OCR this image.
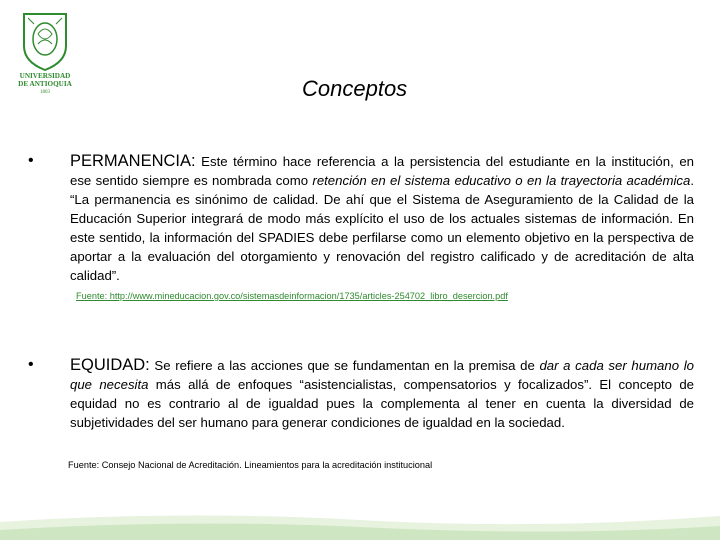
UNIVERSIDAD
DE ANTIOQUIA
1803	Conceptos
• PERMANENCIA: Este término hace referencia a la persistencia del estudiante en la institución, en ese sentido siempre es nombrada como retención en el sistema educativo o en la trayectoria académica. “La permanencia es sinónimo de calidad. De ahí que el Sistema de Aseguramiento de la Calidad de la Educación Superior integrará de modo más explícito el uso de los actuales sistemas de información. En este sentido, la información del SPADIES debe perfilarse como un elemento objetivo en la perspectiva de aportar a la evaluación del otorgamiento y renovación del registro calificado y de acreditación de alta calidad”.
Fuente: http://www.mineducacion.gov.co/sistemasdeinformacion/1735/articles-254702_libro_desercion.pdf
• EQUIDAD: Se refiere a las acciones que se fundamentan en la premisa de dar a cada ser humano lo que necesita más allá de enfoques “asistencialistas, compensatorios y focalizados”. El concepto de equidad no es contrario al de igualdad pues la complementa al tener en cuenta la diversidad de subjetividades del ser humano para generar condiciones de igualdad en la sociedad.
Fuente: Consejo Nacional de Acreditación. Lineamientos para la acreditación institucional
